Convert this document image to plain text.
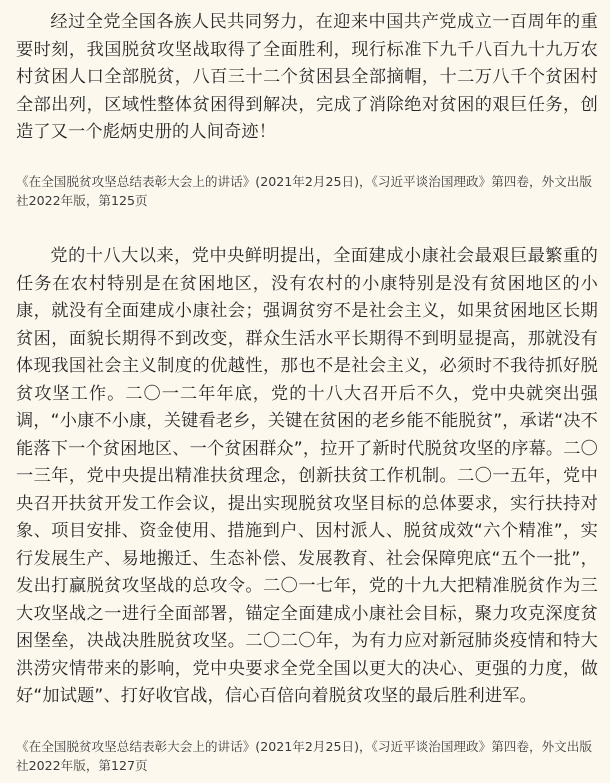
经过全党全国各族人民共同努力，在迎来中国共产党成立一百周年的重要时刻，我国脱贫攻坚战取得了全面胜利，现行标准下九千八百九十九万农村贫困人口全部脱贫，八百三十二个贫困县全部摘帽，十二万八千个贫困村全部出列，区域性整体贫困得到解决，完成了消除绝对贫困的艰巨任务，创造了又一个彪炳史册的人间奇迹！

《在全国脱贫攻坚总结表彰大会上的讲话》(2021年2月25日)，《习近平谈治国理政》第四卷，外文出版社2022年版，第125页

党的十八大以来，党中央鲜明提出，全面建成小康社会最艰巨最繁重的任务在农村特别是在贫困地区，没有农村的小康特别是没有贫困地区的小康，就没有全面建成小康社会；强调贫穷不是社会主义，如果贫困地区长期贫困，面貌长期得不到改变，群众生活水平长期得不到明显提高，那就没有体现我国社会主义制度的优越性，那也不是社会主义，必须时不我待抓好脱贫攻坚工作。二〇一二年年底，党的十八大召开后不久，党中央就突出强调，“小康不小康，关键看老乡，关键在贫困的老乡能不能脱贫”，承诺“决不能落下一个贫困地区、一个贫困群众”，拉开了新时代脱贫攻坚的序幕。二〇一三年，党中央提出精准扶贫理念，创新扶贫工作机制。二〇一五年，党中央召开扶贫开发工作会议，提出实现脱贫攻坚目标的总体要求，实行扶持对象、项目安排、资金使用、措施到户、因村派人、脱贫成效“六个精准”，实行发展生产、易地搬迁、生态补偿、发展教育、社会保障兜底“五个一批”，发出打赢脱贫攻坚战的总攻令。二〇一七年，党的十九大把精准脱贫作为三大攻坚战之一进行全面部署，锚定全面建成小康社会目标，聚力攻克深度贫困堡垒，决战决胜脱贫攻坚。二〇二〇年，为有力应对新冠肺炎疫情和特大洪涝灾情带来的影响，党中央要求全党全国以更大的决心、更强的力度，做好“加试题”、打好收官战，信心百倍向着脱贫攻坚的最后胜利进军。

《在全国脱贫攻坚总结表彰大会上的讲话》(2021年2月25日)，《习近平谈治国理政》第四卷，外文出版社2022年版，第127页
